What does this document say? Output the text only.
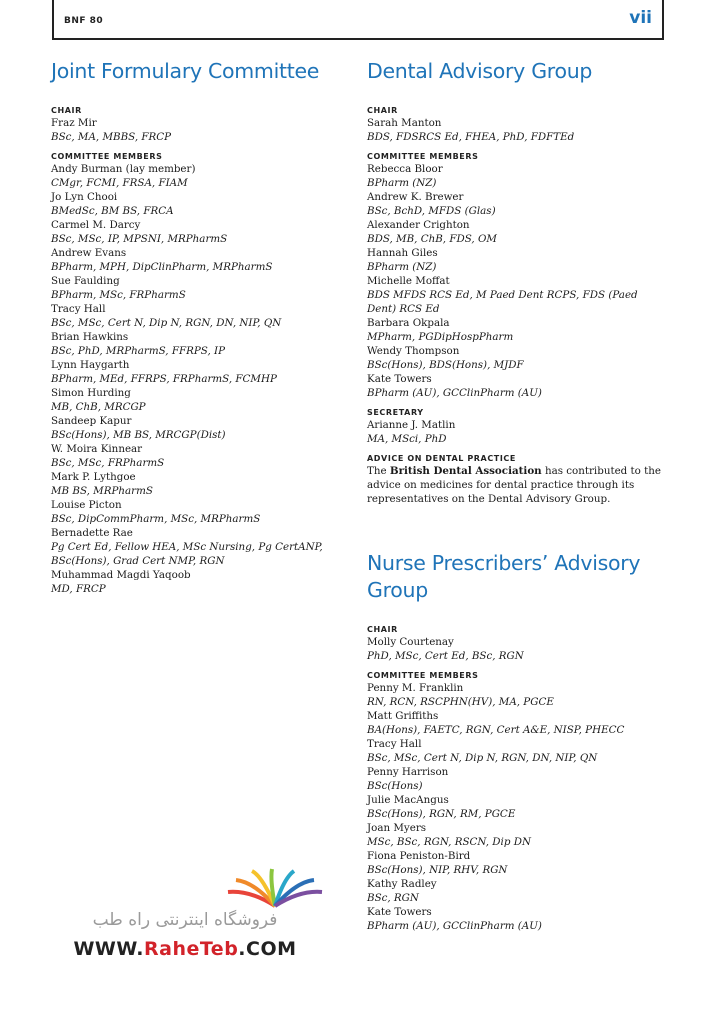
BNF 80	vii
Joint Formulary Committee
CHAIR
Fraz Mir
BSc, MA, MBBS, FRCP
COMMITTEE MEMBERS
Andy Burman (lay member)
CMgr, FCMI, FRSA, FIAM
Jo Lyn Chooi
BMedSc, BM BS, FRCA
Carmel M. Darcy
BSc, MSc, IP, MPSNI, MRPharmS
Andrew Evans
BPharm, MPH, DipClinPharm, MRPharmS
Sue Faulding
BPharm, MSc, FRPharmS
Tracy Hall
BSc, MSc, Cert N, Dip N, RGN, DN, NIP, QN
Brian Hawkins
BSc, PhD, MRPharmS, FFRPS, IP
Lynn Haygarth
BPharm, MEd, FFRPS, FRPharmS, FCMHP
Simon Hurding
MB, ChB, MRCGP
Sandeep Kapur
BSc(Hons), MB BS, MRCGP(Dist)
W. Moira Kinnear
BSc, MSc, FRPharmS
Mark P. Lythgoe
MB BS, MRPharmS
Louise Picton
BSc, DipCommPharm, MSc, MRPharmS
Bernadette Rae
Pg Cert Ed, Fellow HEA, MSc Nursing, Pg CertANP, BSc(Hons), Grad Cert NMP, RGN
Muhammad Magdi Yaqoob
MD, FRCP
Dental Advisory Group
CHAIR
Sarah Manton
BDS, FDSRCS Ed, FHEA, PhD, FDFTEd
COMMITTEE MEMBERS
Rebecca Bloor
BPharm (NZ)
Andrew K. Brewer
BSc, BchD, MFDS (Glas)
Alexander Crighton
BDS, MB, ChB, FDS, OM
Hannah Giles
BPharm (NZ)
Michelle Moffat
BDS MFDS RCS Ed, M Paed Dent RCPS, FDS (Paed Dent) RCS Ed
Barbara Okpala
MPharm, PGDipHospPharm
Wendy Thompson
BSc(Hons), BDS(Hons), MJDF
Kate Towers
BPharm (AU), GCClinPharm (AU)
SECRETARY
Arianne J. Matlin
MA, MSci, PhD
ADVICE ON DENTAL PRACTICE
The British Dental Association has contributed to the advice on medicines for dental practice through its representatives on the Dental Advisory Group.
Nurse Prescribers’ Advisory
Group
CHAIR
Molly Courtenay
PhD, MSc, Cert Ed, BSc, RGN
COMMITTEE MEMBERS
Penny M. Franklin
RN, RCN, RSCPHN(HV), MA, PGCE
Matt Griffiths
BA(Hons), FAETC, RGN, Cert A&E, NISP, PHECC
Tracy Hall
BSc, MSc, Cert N, Dip N, RGN, DN, NIP, QN
Penny Harrison
BSc(Hons)
Julie MacAngus
BSc(Hons), RGN, RM, PGCE
Joan Myers
MSc, BSc, RGN, RSCN, Dip DN
Fiona Peniston-Bird
BSc(Hons), NIP, RHV, RGN
Kathy Radley
BSc, RGN
Kate Towers
BPharm (AU), GCClinPharm (AU)
فروشگاه اینترنتی راه طب
WWW.RaheTeb.COM
